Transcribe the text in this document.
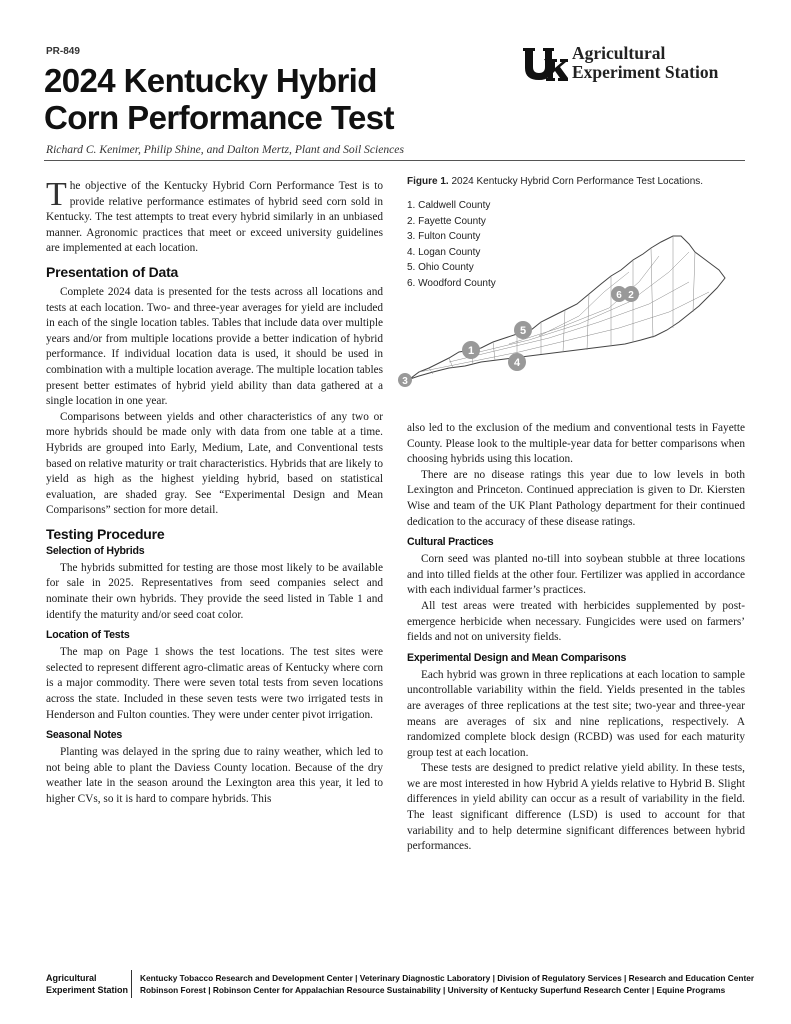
PR-849
2024 Kentucky Hybrid
Corn Performance Test
Richard C. Kenimer, Philip Shine, and Dalton Mertz, Plant and Soil Sciences
Agricultural
Experiment Station

The objective of the Kentucky Hybrid Corn Performance Test is to provide relative performance estimates of hybrid seed corn sold in Kentucky. The test attempts to treat every hybrid similarly in an unbiased manner. Agronomic practices that meet or exceed university guidelines are implemented at each location.

Presentation of Data

Complete 2024 data is presented for the tests across all locations and tests at each location. Two- and three-year averages for yield are included in each of the single location tables. Tables that include data over multiple years and/or from multiple locations provide a better indication of hybrid performance. If individual location data is used, it should be used in combination with a multiple location average. The multiple location tables present better estimates of hybrid yield ability than data gathered at a single location in one year.

Comparisons between yields and other characteristics of any two or more hybrids should be made only with data from one table at a time. Hybrids are grouped into Early, Medium, Late, and Conventional tests based on relative maturity or trait characteristics. Hybrids that are likely to yield as high as the highest yielding hybrid, based on statistical evaluation, are shaded gray. See “Experimental Design and Mean Comparisons” section for more detail.

Testing Procedure
Selection of Hybrids

The hybrids submitted for testing are those most likely to be available for sale in 2025. Representatives from seed companies select and nominate their own hybrids. They provide the seed listed in Table 1 and identify the maturity and/or seed coat color.

Location of Tests

The map on Page 1 shows the test locations. The test sites were selected to represent different agro-climatic areas of Kentucky where corn is a major commodity. There were seven total tests from seven locations across the state. Included in these seven tests were two irrigated tests in Henderson and Fulton counties. They were under center pivot irrigation.

Seasonal Notes

Planting was delayed in the spring due to rainy weather, which led to not being able to plant the Daviess County location. Because of the dry weather late in the season around the Lexington area this year, it led to higher CVs, so it is hard to compare hybrids. This

Figure 1. 2024 Kentucky Hybrid Corn Performance Test Locations.
1. Caldwell County
2. Fayette County
3. Fulton County
4. Logan County
5. Ohio County
6. Woodford County
1
3
4
5
6 2

also led to the exclusion of the medium and conventional tests in Fayette County. Please look to the multiple-year data for better comparisons when choosing hybrids using this location.

There are no disease ratings this year due to low levels in both Lexington and Princeton. Continued appreciation is given to Dr. Kiersten Wise and team of the UK Plant Pathology department for their continued dedication to the accuracy of these disease ratings.

Cultural Practices

Corn seed was planted no-till into soybean stubble at three locations and into tilled fields at the other four. Fertilizer was applied in accordance with each individual farmer’s practices.

All test areas were treated with herbicides supplemented by post-emergence herbicide when necessary. Fungicides were used on farmers’ fields and not on university fields.

Experimental Design and Mean Comparisons

Each hybrid was grown in three replications at each location to sample uncontrollable variability within the field. Yields presented in the tables are averages of three replications at the test site; two-year and three-year means are averages of six and nine replications, respectively. A randomized complete block design (RCBD) was used for each maturity group test at each location.

These tests are designed to predict relative yield ability. In these tests, we are most interested in how Hybrid A yields relative to Hybrid B. Slight differences in yield ability can occur as a result of variability in the field. The least significant difference (LSD) is used to account for that variability and to help determine significant differences between hybrid performances.

Agricultural
Experiment Station
Kentucky Tobacco Research and Development Center | Veterinary Diagnostic Laboratory | Division of Regulatory Services | Research and Education Center
Robinson Forest | Robinson Center for Appalachian Resource Sustainability | University of Kentucky Superfund Research Center | Equine Programs
